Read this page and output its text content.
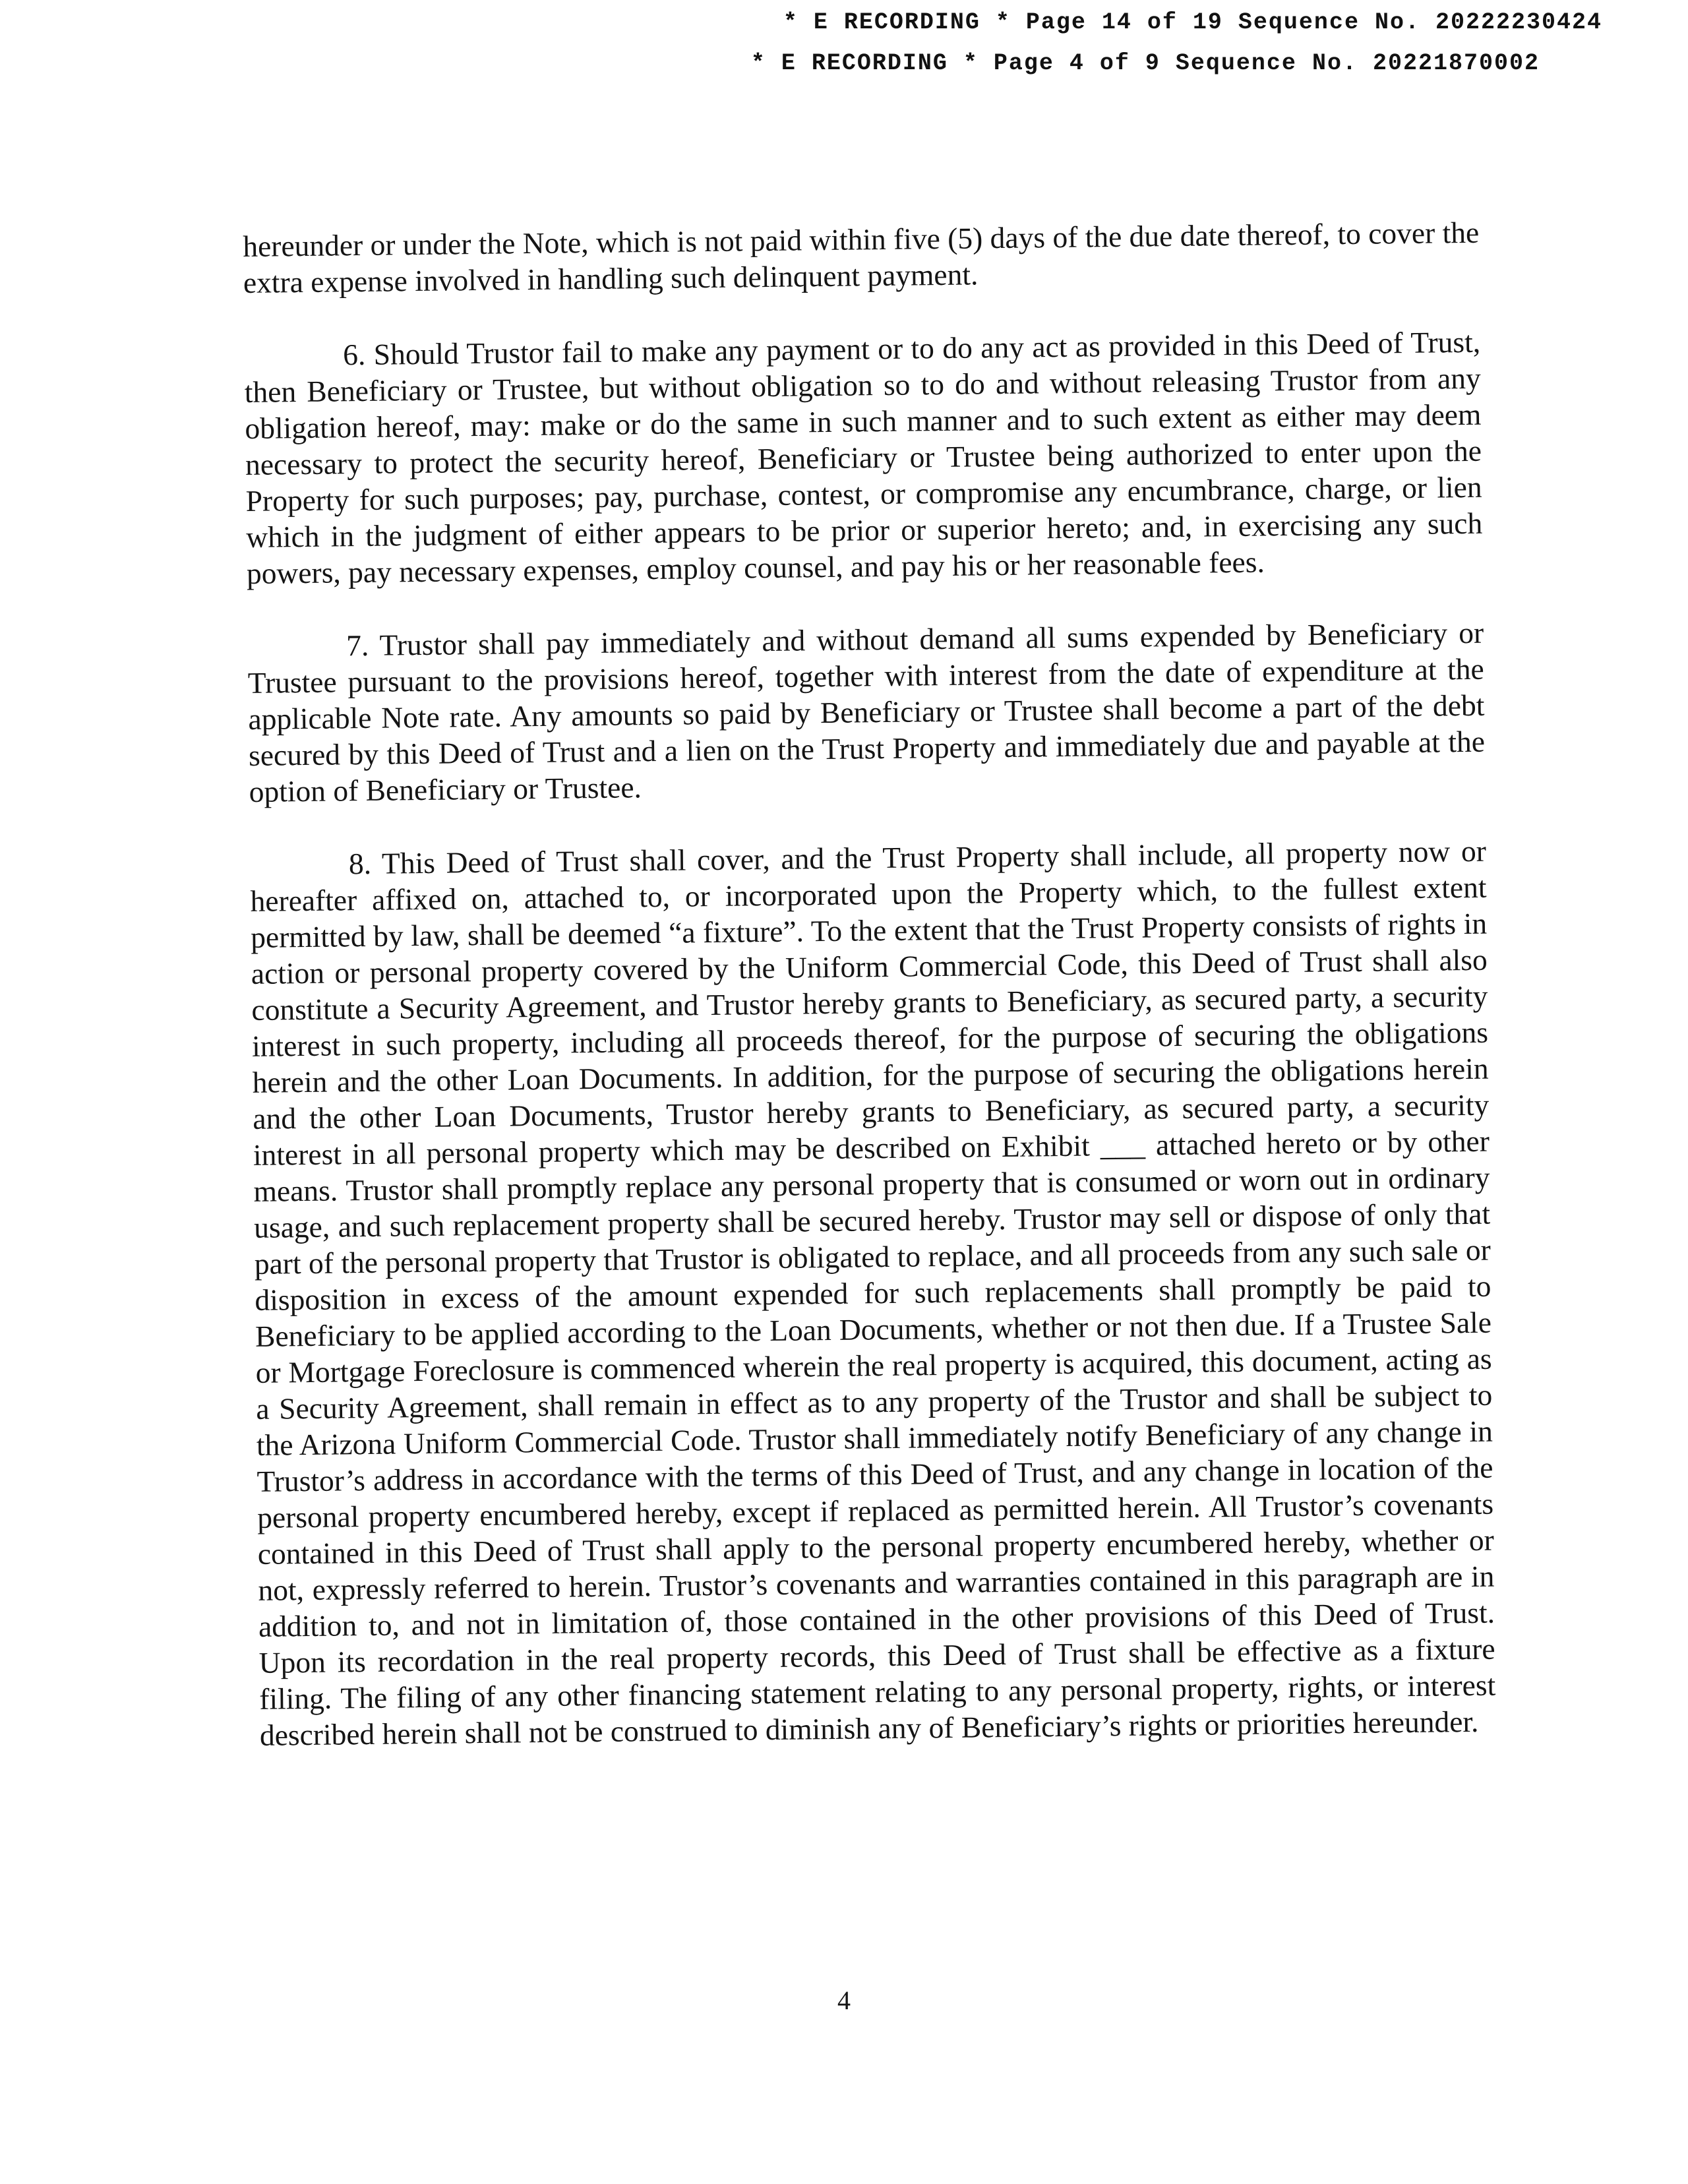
* E RECORDING * Page 14 of 19 Sequence No. 20222230424
* E RECORDING * Page 4 of 9 Sequence No. 20221870002

hereunder or under the Note, which is not paid within five (5) days of the due date thereof, to cover the extra expense involved in handling such delinquent payment.

6. Should Trustor fail to make any payment or to do any act as provided in this Deed of Trust, then Beneficiary or Trustee, but without obligation so to do and without releasing Trustor from any obligation hereof, may: make or do the same in such manner and to such extent as either may deem necessary to protect the security hereof, Beneficiary or Trustee being authorized to enter upon the Property for such purposes; pay, purchase, contest, or compromise any encumbrance, charge, or lien which in the judgment of either appears to be prior or superior hereto; and, in exercising any such powers, pay necessary expenses, employ counsel, and pay his or her reasonable fees.

7. Trustor shall pay immediately and without demand all sums expended by Beneficiary or Trustee pursuant to the provisions hereof, together with interest from the date of expenditure at the applicable Note rate. Any amounts so paid by Beneficiary or Trustee shall become a part of the debt secured by this Deed of Trust and a lien on the Trust Property and immediately due and payable at the option of Beneficiary or Trustee.

8. This Deed of Trust shall cover, and the Trust Property shall include, all property now or hereafter affixed on, attached to, or incorporated upon the Property which, to the fullest extent permitted by law, shall be deemed “a fixture”. To the extent that the Trust Property consists of rights in action or personal property covered by the Uniform Commercial Code, this Deed of Trust shall also constitute a Security Agreement, and Trustor hereby grants to Beneficiary, as secured party, a security interest in such property, including all proceeds thereof, for the purpose of securing the obligations herein and the other Loan Documents. In addition, for the purpose of securing the obligations herein and the other Loan Documents, Trustor hereby grants to Beneficiary, as secured party, a security interest in all personal property which may be described on Exhibit ___ attached hereto or by other means. Trustor shall promptly replace any personal property that is consumed or worn out in ordinary usage, and such replacement property shall be secured hereby. Trustor may sell or dispose of only that part of the personal property that Trustor is obligated to replace, and all proceeds from any such sale or disposition in excess of the amount expended for such replacements shall promptly be paid to Beneficiary to be applied according to the Loan Documents, whether or not then due. If a Trustee Sale or Mortgage Foreclosure is commenced wherein the real property is acquired, this document, acting as a Security Agreement, shall remain in effect as to any property of the Trustor and shall be subject to the Arizona Uniform Commercial Code. Trustor shall immediately notify Beneficiary of any change in Trustor’s address in accordance with the terms of this Deed of Trust, and any change in location of the personal property encumbered hereby, except if replaced as permitted herein. All Trustor’s covenants contained in this Deed of Trust shall apply to the personal property encumbered hereby, whether or not, expressly referred to herein. Trustor’s covenants and warranties contained in this paragraph are in addition to, and not in limitation of, those contained in the other provisions of this Deed of Trust. Upon its recordation in the real property records, this Deed of Trust shall be effective as a fixture filing. The filing of any other financing statement relating to any personal property, rights, or interest described herein shall not be construed to diminish any of Beneficiary’s rights or priorities hereunder.

4
